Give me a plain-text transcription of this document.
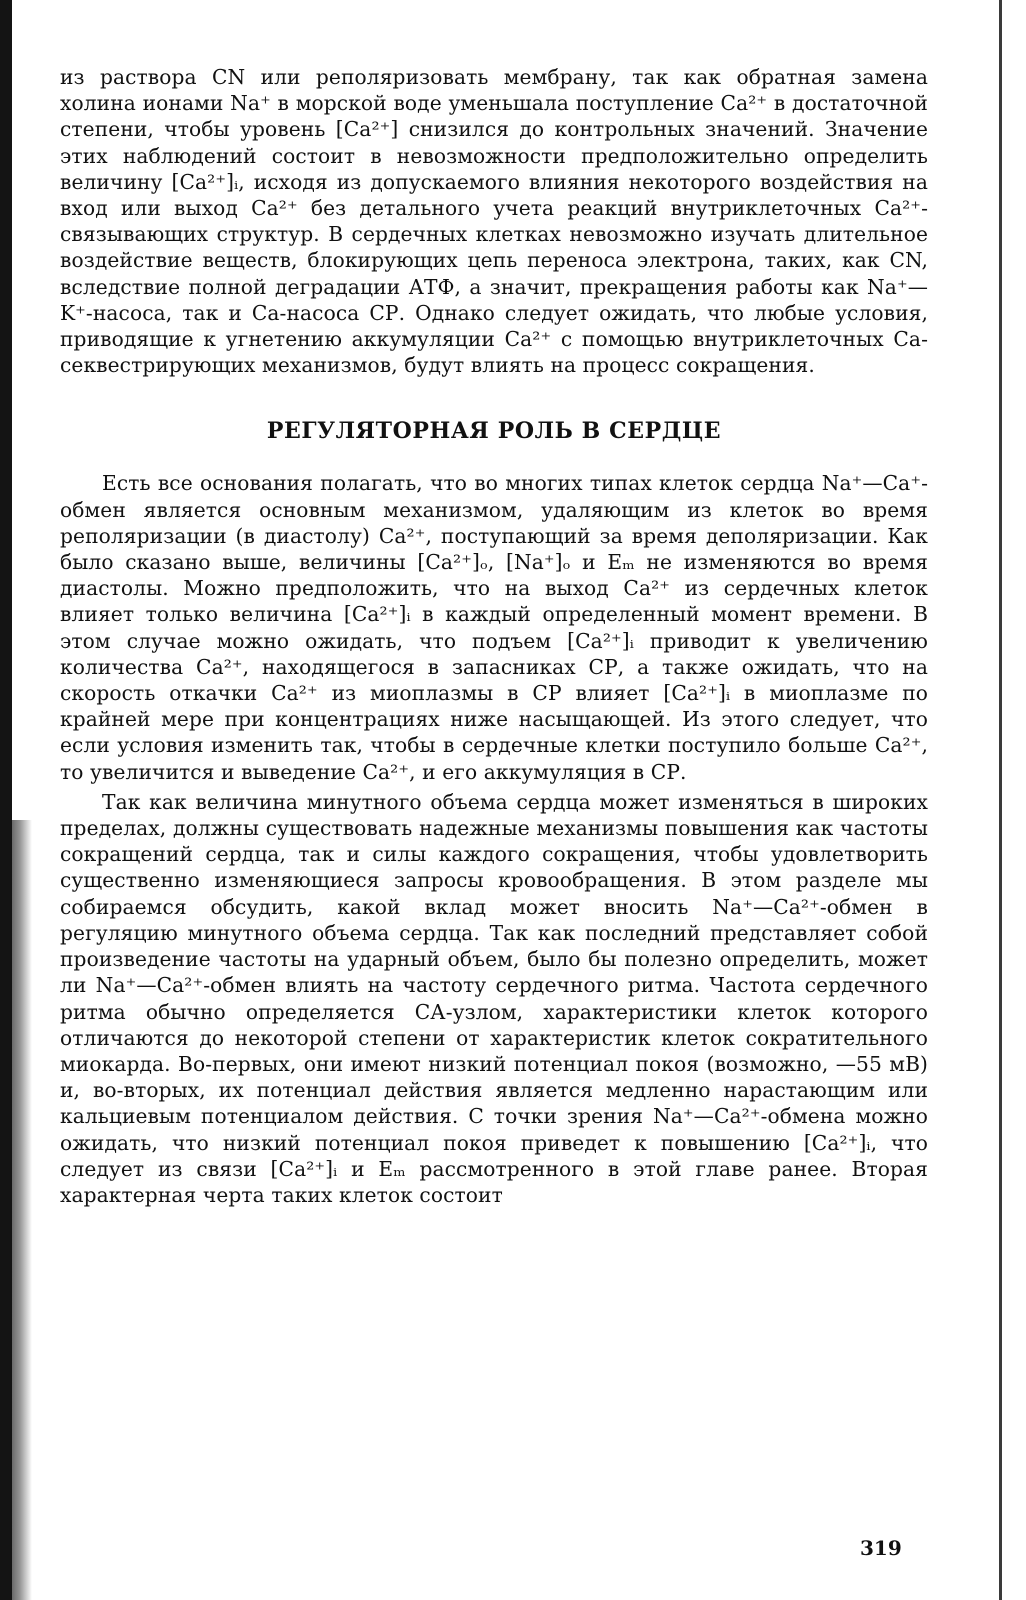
из раствора CN или реполяризовать мембрану, так как обратная замена холина ионами Na⁺ в морской воде уменьшала поступление Ca²⁺ в достаточной степени, чтобы уровень [Ca²⁺] снизился до контрольных значений. Значение этих наблюдений состоит в невозможности предположительно определить величину [Ca²⁺]ᵢ, исходя из допускаемого влияния некоторого воздействия на вход или выход Ca²⁺ без детального учета реакций внутриклеточных Ca²⁺-связывающих структур. В сердечных клетках невозможно изучать длительное воздействие веществ, блокирующих цепь переноса электрона, таких, как CN, вследствие полной деградации АТФ, а значит, прекращения работы как Na⁺—K⁺-насоса, так и Ca-насоса СР. Однако следует ожидать, что любые условия, приводящие к угнетению аккумуляции Ca²⁺ с помощью внутриклеточных Ca-секвестрирующих механизмов, будут влиять на процесс сокращения.

РЕГУЛЯТОРНАЯ РОЛЬ В СЕРДЦЕ

Есть все основания полагать, что во многих типах клеток сердца Na⁺—Ca⁺-обмен является основным механизмом, удаляющим из клеток во время реполяризации (в диастолу) Ca²⁺, поступающий за время деполяризации. Как было сказано выше, величины [Ca²⁺]ₒ, [Na⁺]ₒ и Eₘ не изменяются во время диастолы. Можно предположить, что на выход Ca²⁺ из сердечных клеток влияет только величина [Ca²⁺]ᵢ в каждый определенный момент времени. В этом случае можно ожидать, что подъем [Ca²⁺]ᵢ приводит к увеличению количества Ca²⁺, находящегося в запасниках СР, а также ожидать, что на скорость откачки Ca²⁺ из миоплазмы в СР влияет [Ca²⁺]ᵢ в миоплазме по крайней мере при концентрациях ниже насыщающей. Из этого следует, что если условия изменить так, чтобы в сердечные клетки поступило больше Ca²⁺, то увеличится и выведение Ca²⁺, и его аккумуляция в СР.

Так как величина минутного объема сердца может изменяться в широких пределах, должны существовать надежные механизмы повышения как частоты сокращений сердца, так и силы каждого сокращения, чтобы удовлетворить существенно изменяющиеся запросы кровообращения. В этом разделе мы собираемся обсудить, какой вклад может вносить Na⁺—Ca²⁺-обмен в регуляцию минутного объема сердца. Так как последний представляет собой произведение частоты на ударный объем, было бы полезно определить, может ли Na⁺—Ca²⁺-обмен влиять на частоту сердечного ритма. Частота сердечного ритма обычно определяется СА-узлом, характеристики клеток которого отличаются до некоторой степени от характеристик клеток сократительного миокарда. Во-первых, они имеют низкий потенциал покоя (возможно, —55 мВ) и, во-вторых, их потенциал действия является медленно нарастающим или кальциевым потенциалом действия. С точки зрения Na⁺—Ca²⁺-обмена можно ожидать, что низкий потенциал покоя приведет к повышению [Ca²⁺]ᵢ, что следует из связи [Ca²⁺]ᵢ и Eₘ рассмотренного в этой главе ранее. Вторая характерная черта таких клеток состоит

319
